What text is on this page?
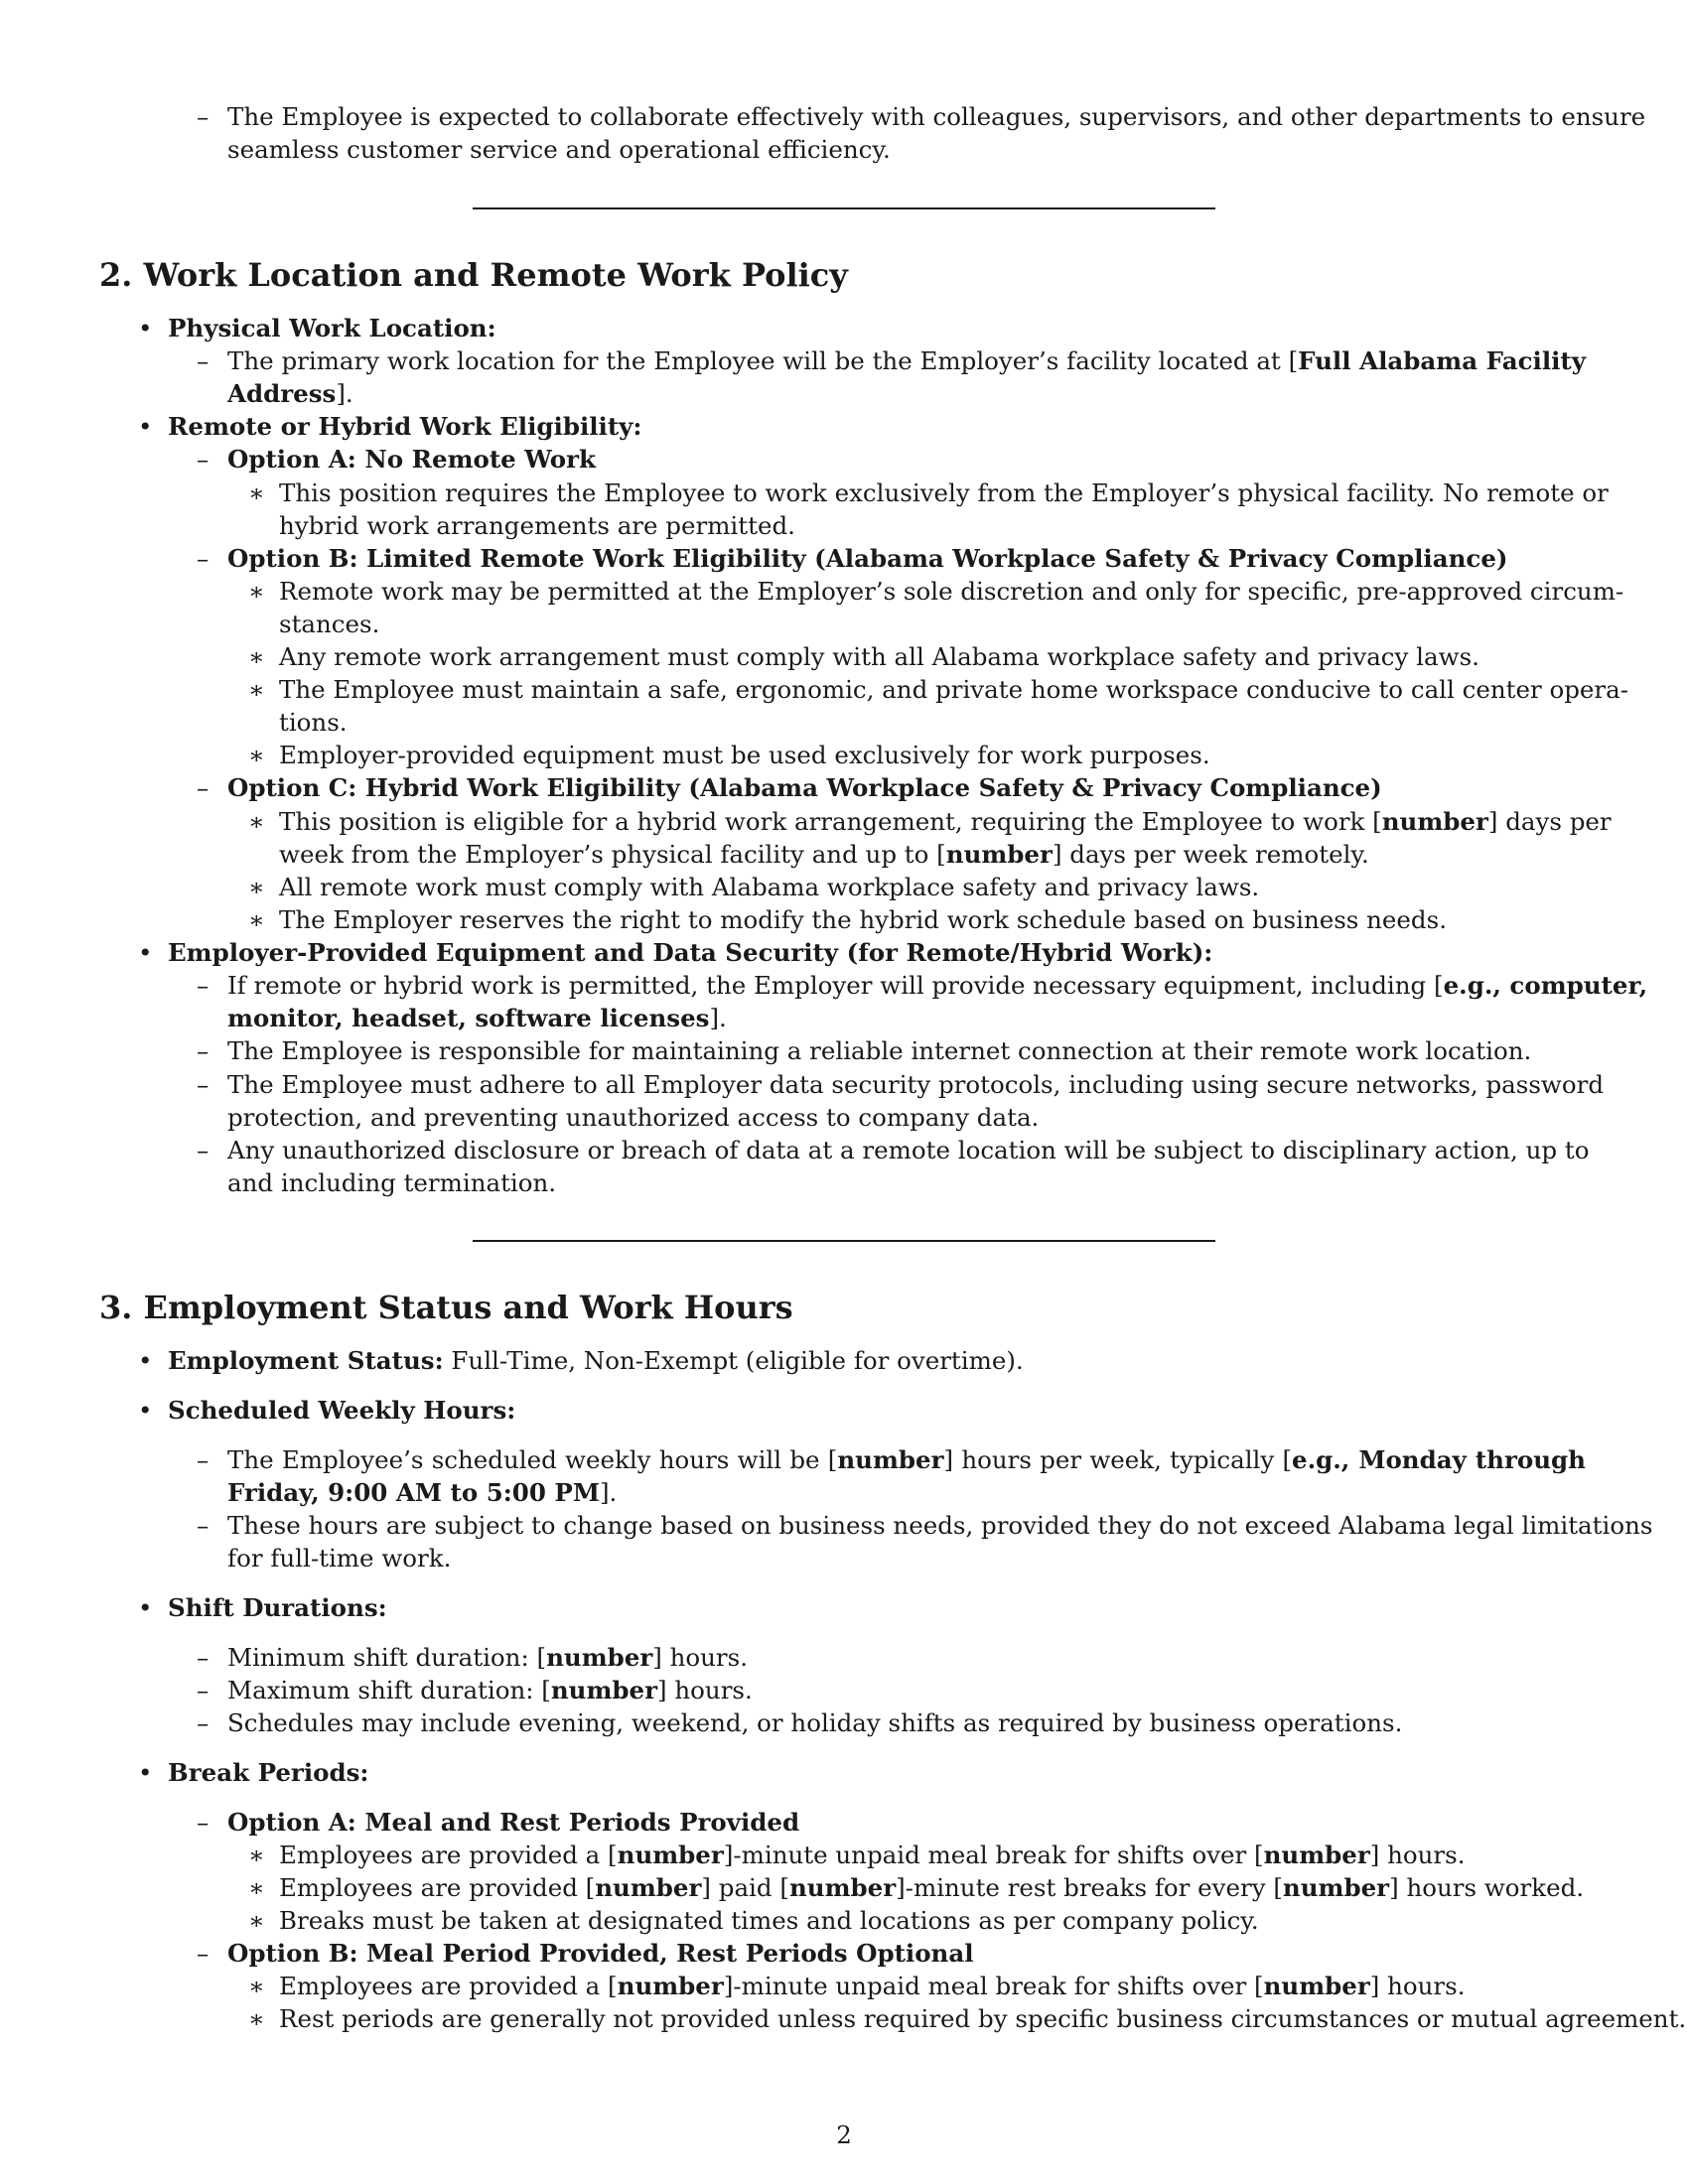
– The Employee is expected to collaborate effectively with colleagues, supervisors, and other departments to ensure
seamless customer service and operational efficiency.
2. Work Location and Remote Work Policy
• Physical Work Location:
– The primary work location for the Employee will be the Employer’s facility located at [Full Alabama Facility
Address].
• Remote or Hybrid Work Eligibility:
– Option A: No Remote Work
∗ This position requires the Employee to work exclusively from the Employer’s physical facility. No remote or
hybrid work arrangements are permitted.
– Option B: Limited Remote Work Eligibility (Alabama Workplace Safety & Privacy Compliance)
∗ Remote work may be permitted at the Employer’s sole discretion and only for specific, pre-approved circum-
stances.
∗ Any remote work arrangement must comply with all Alabama workplace safety and privacy laws.
∗ The Employee must maintain a safe, ergonomic, and private home workspace conducive to call center opera-
tions.
∗ Employer-provided equipment must be used exclusively for work purposes.
– Option C: Hybrid Work Eligibility (Alabama Workplace Safety & Privacy Compliance)
∗ This position is eligible for a hybrid work arrangement, requiring the Employee to work [number] days per
week from the Employer’s physical facility and up to [number] days per week remotely.
∗ All remote work must comply with Alabama workplace safety and privacy laws.
∗ The Employer reserves the right to modify the hybrid work schedule based on business needs.
• Employer-Provided Equipment and Data Security (for Remote/Hybrid Work):
– If remote or hybrid work is permitted, the Employer will provide necessary equipment, including [e.g., computer,
monitor, headset, software licenses].
– The Employee is responsible for maintaining a reliable internet connection at their remote work location.
– The Employee must adhere to all Employer data security protocols, including using secure networks, password
protection, and preventing unauthorized access to company data.
– Any unauthorized disclosure or breach of data at a remote location will be subject to disciplinary action, up to
and including termination.
3. Employment Status and Work Hours
• Employment Status: Full-Time, Non-Exempt (eligible for overtime).
• Scheduled Weekly Hours:
– The Employee’s scheduled weekly hours will be [number] hours per week, typically [e.g., Monday through
Friday, 9:00 AM to 5:00 PM].
– These hours are subject to change based on business needs, provided they do not exceed Alabama legal limitations
for full-time work.
• Shift Durations:
– Minimum shift duration: [number] hours.
– Maximum shift duration: [number] hours.
– Schedules may include evening, weekend, or holiday shifts as required by business operations.
• Break Periods:
– Option A: Meal and Rest Periods Provided
∗ Employees are provided a [number]-minute unpaid meal break for shifts over [number] hours.
∗ Employees are provided [number] paid [number]-minute rest breaks for every [number] hours worked.
∗ Breaks must be taken at designated times and locations as per company policy.
– Option B: Meal Period Provided, Rest Periods Optional
∗ Employees are provided a [number]-minute unpaid meal break for shifts over [number] hours.
∗ Rest periods are generally not provided unless required by specific business circumstances or mutual agreement.
2
